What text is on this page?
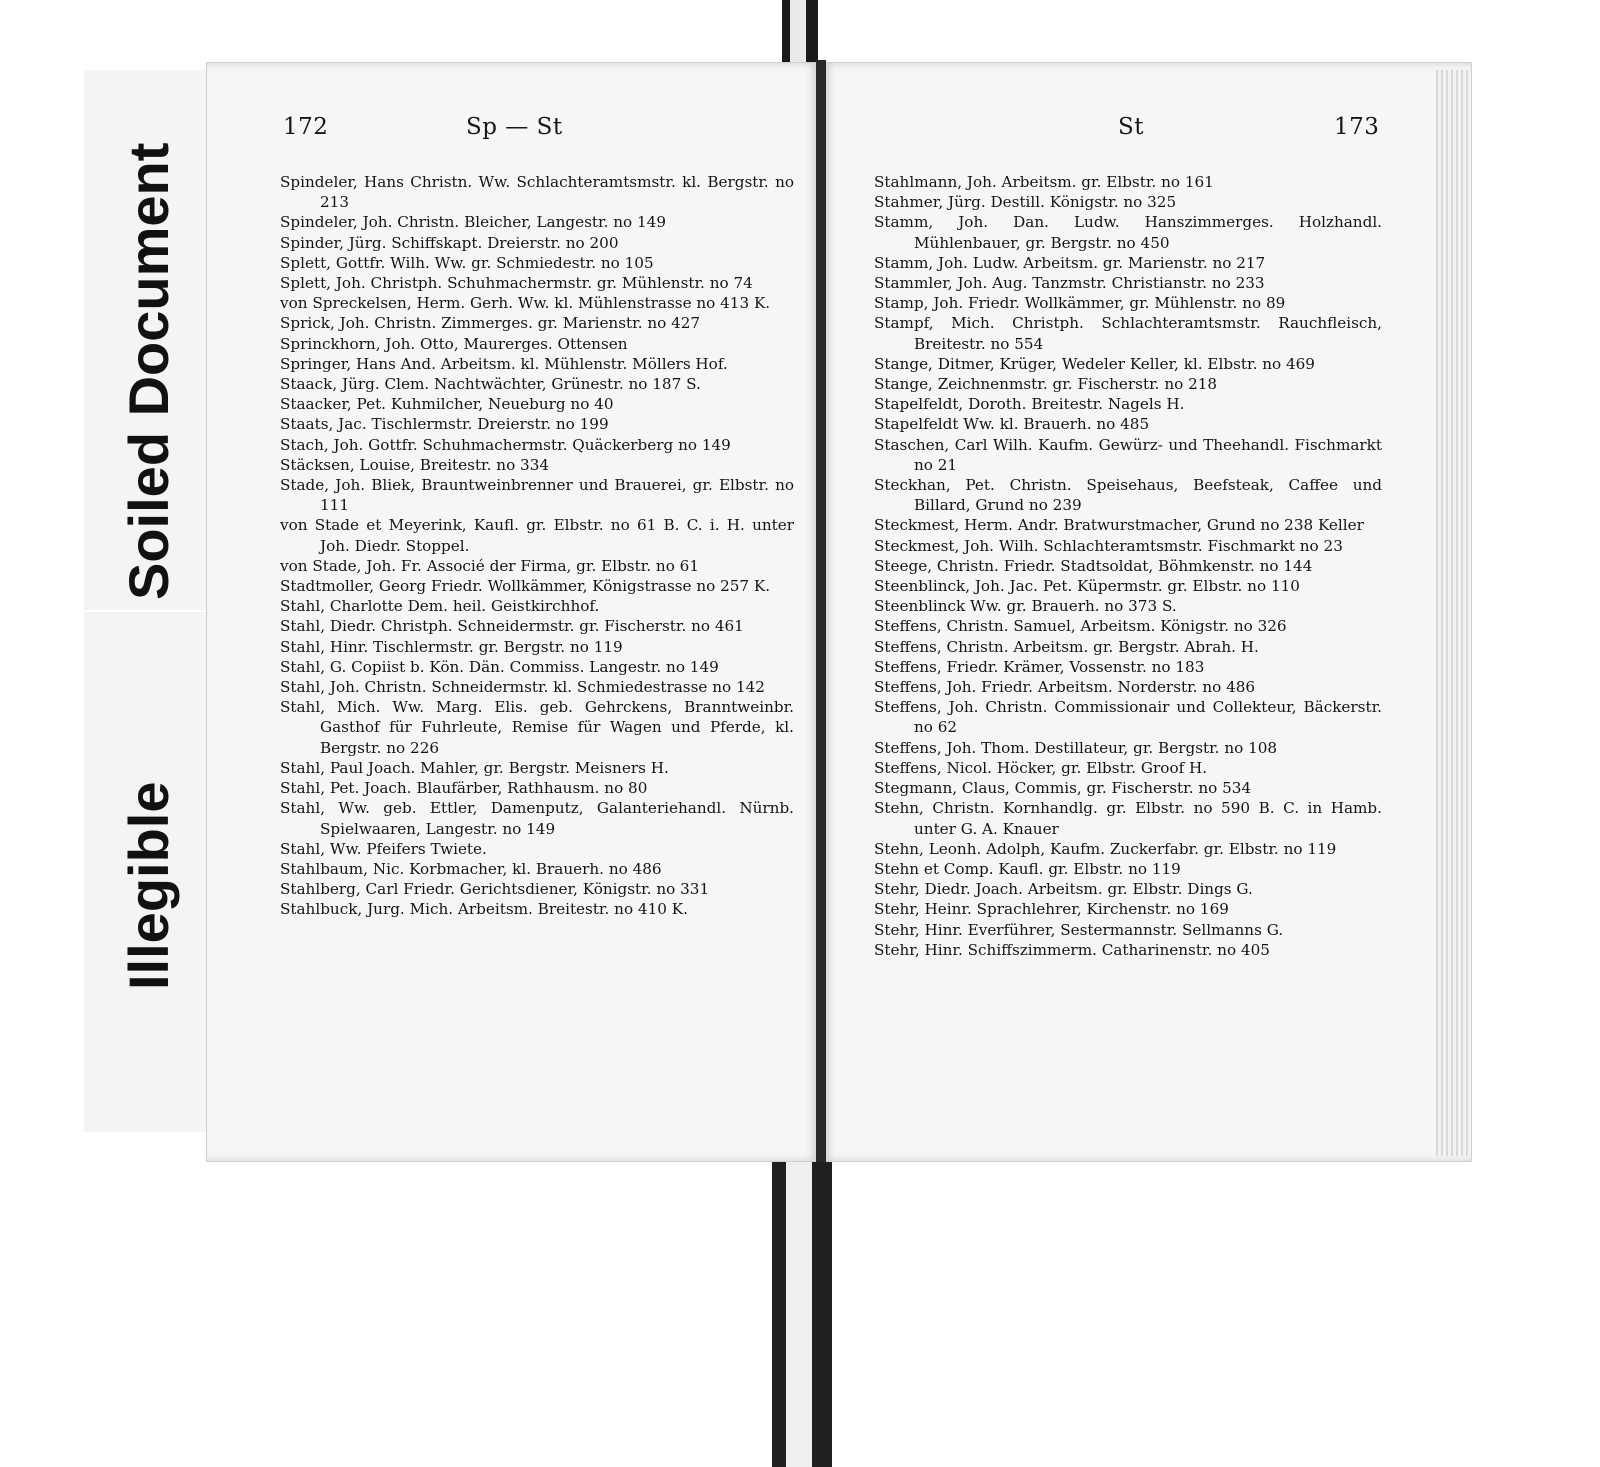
Soiled Document
Illegible
172	Sp — St	St	173
Spindeler, Hans Christn. Ww. Schlachteramtsmstr. kl. Bergstr. no 213
Spindeler, Joh. Christn. Bleicher, Langestr. no 149
Spinder, Jürg. Schiffskapt. Dreierstr. no 200
Splett, Gottfr. Wilh. Ww. gr. Schmiedestr. no 105
Splett, Joh. Christph. Schuhmachermstr. gr. Mühlenstr. no 74
von Spreckelsen, Herm. Gerh. Ww. kl. Mühlenstrasse no 413 K.
Sprick, Joh. Christn. Zimmerges. gr. Marienstr. no 427
Sprinckhorn, Joh. Otto, Maurerges. Ottensen
Springer, Hans And. Arbeitsm. kl. Mühlenstr. Möllers Hof.
Staack, Jürg. Clem. Nachtwächter, Grünestr. no 187 S.
Staacker, Pet. Kuhmilcher, Neueburg no 40
Staats, Jac. Tischlermstr. Dreierstr. no 199
Stach, Joh. Gottfr. Schuhmachermstr. Quäckerberg no 149
Stäcksen, Louise, Breitestr. no 334
Stade, Joh. Bliek, Brauntweinbrenner und Brauerei, gr. Elbstr. no 111
von Stade et Meyerink, Kaufl. gr. Elbstr. no 61 B. C. i. H. unter Joh. Diedr. Stoppel.
von Stade, Joh. Fr. Associé der Firma, gr. Elbstr. no 61
Stadtmoller, Georg Friedr. Wollkämmer, Königstrasse no 257 K.
Stahl, Charlotte Dem. heil. Geistkirchhof.
Stahl, Diedr. Christph. Schneidermstr. gr. Fischerstr. no 461
Stahl, Hinr. Tischlermstr. gr. Bergstr. no 119
Stahl, G. Copiist b. Kön. Dän. Commiss. Langestr. no 149
Stahl, Joh. Christn. Schneidermstr. kl. Schmiedestrasse no 142
Stahl, Mich. Ww. Marg. Elis. geb. Gehrckens, Branntweinbr. Gasthof für Fuhrleute, Remise für Wagen und Pferde, kl. Bergstr. no 226
Stahl, Paul Joach. Mahler, gr. Bergstr. Meisners H.
Stahl, Pet. Joach. Blaufärber, Rathhausm. no 80
Stahl, Ww. geb. Ettler, Damenputz, Galanteriehandl. Nürnb. Spielwaaren, Langestr. no 149
Stahl, Ww. Pfeifers Twiete.
Stahlbaum, Nic. Korbmacher, kl. Brauerh. no 486
Stahlberg, Carl Friedr. Gerichtsdiener, Königstr. no 331
Stahlbuck, Jurg. Mich. Arbeitsm. Breitestr. no 410 K.
Stahlmann, Joh. Arbeitsm. gr. Elbstr. no 161
Stahmer, Jürg. Destill. Königstr. no 325
Stamm, Joh. Dan. Ludw. Hanszimmerges. Holzhandl. Mühlenbauer, gr. Bergstr. no 450
Stamm, Joh. Ludw. Arbeitsm. gr. Marienstr. no 217
Stammler, Joh. Aug. Tanzmstr. Christianstr. no 233
Stamp, Joh. Friedr. Wollkämmer, gr. Mühlenstr. no 89
Stampf, Mich. Christph. Schlachteramtsmstr. Rauchfleisch, Breitestr. no 554
Stange, Ditmer, Krüger, Wedeler Keller, kl. Elbstr. no 469
Stange, Zeichnenmstr. gr. Fischerstr. no 218
Stapelfeldt, Doroth. Breitestr. Nagels H.
Stapelfeldt Ww. kl. Brauerh. no 485
Staschen, Carl Wilh. Kaufm. Gewürz- und Theehandl. Fischmarkt no 21
Steckhan, Pet. Christn. Speisehaus, Beefsteak, Caffee und Billard, Grund no 239
Steckmest, Herm. Andr. Bratwurstmacher, Grund no 238 Keller
Steckmest, Joh. Wilh. Schlachteramtsmstr. Fischmarkt no 23
Steege, Christn. Friedr. Stadtsoldat, Böhmkenstr. no 144
Steenblinck, Joh. Jac. Pet. Küpermstr. gr. Elbstr. no 110
Steenblinck Ww. gr. Brauerh. no 373 S.
Steffens, Christn. Samuel, Arbeitsm. Königstr. no 326
Steffens, Christn. Arbeitsm. gr. Bergstr. Abrah. H.
Steffens, Friedr. Krämer, Vossenstr. no 183
Steffens, Joh. Friedr. Arbeitsm. Norderstr. no 486
Steffens, Joh. Christn. Commissionair und Collekteur, Bäckerstr. no 62
Steffens, Joh. Thom. Destillateur, gr. Bergstr. no 108
Steffens, Nicol. Höcker, gr. Elbstr. Groof H.
Stegmann, Claus, Commis, gr. Fischerstr. no 534
Stehn, Christn. Kornhandlg. gr. Elbstr. no 590 B. C. in Hamb. unter G. A. Knauer
Stehn, Leonh. Adolph, Kaufm. Zuckerfabr. gr. Elbstr. no 119
Stehn et Comp. Kaufl. gr. Elbstr. no 119
Stehr, Diedr. Joach. Arbeitsm. gr. Elbstr. Dings G.
Stehr, Heinr. Sprachlehrer, Kirchenstr. no 169
Stehr, Hinr. Everführer, Sestermannstr. Sellmanns G.
Stehr, Hinr. Schiffszimmerm. Catharinenstr. no 405
